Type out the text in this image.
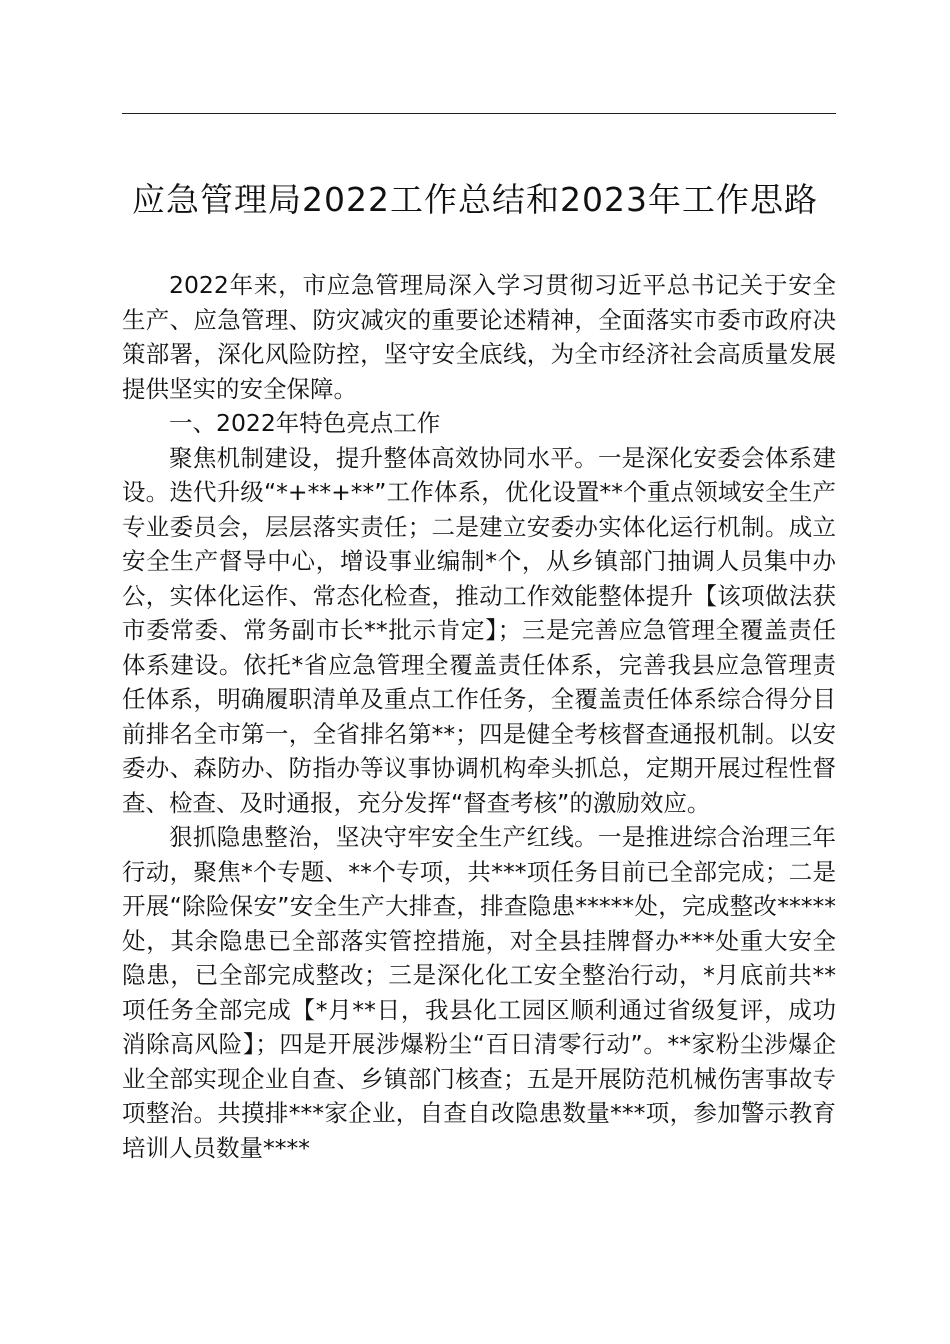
应急管理局2022工作总结和2023年工作思路

2022年来，市应急管理局深入学习贯彻习近平总书记关于安全生产、应急管理、防灾减灾的重要论述精神，全面落实市委市政府决策部署，深化风险防控，坚守安全底线，为全市经济社会高质量发展提供坚实的安全保障。

一、2022年特色亮点工作

聚焦机制建设，提升整体高效协同水平。一是深化安委会体系建设。迭代升级“*+**+**”工作体系，优化设置**个重点领域安全生产专业委员会，层层落实责任；二是建立安委办实体化运行机制。成立安全生产督导中心，增设事业编制*个，从乡镇部门抽调人员集中办公，实体化运作、常态化检查，推动工作效能整体提升【该项做法获市委常委、常务副市长**批示肯定】；三是完善应急管理全覆盖责任体系建设。依托*省应急管理全覆盖责任体系，完善我县应急管理责任体系，明确履职清单及重点工作任务，全覆盖责任体系综合得分目前排名全市第一，全省排名第**；四是健全考核督查通报机制。以安委办、森防办、防指办等议事协调机构牵头抓总，定期开展过程性督查、检查、及时通报，充分发挥“督查考核”的激励效应。

狠抓隐患整治，坚决守牢安全生产红线。一是推进综合治理三年行动，聚焦*个专题、**个专项，共***项任务目前已全部完成；二是开展“除险保安”安全生产大排查，排查隐患*****处，完成整改*****处，其余隐患已全部落实管控措施，对全县挂牌督办***处重大安全隐患，已全部完成整改；三是深化化工安全整治行动，*月底前共**项任务全部完成【*月**日，我县化工园区顺利通过省级复评，成功消除高风险】；四是开展涉爆粉尘“百日清零行动”。**家粉尘涉爆企业全部实现企业自查、乡镇部门核查；五是开展防范机械伤害事故专项整治。共摸排***家企业，自查自改隐患数量***项，参加警示教育培训人员数量****
